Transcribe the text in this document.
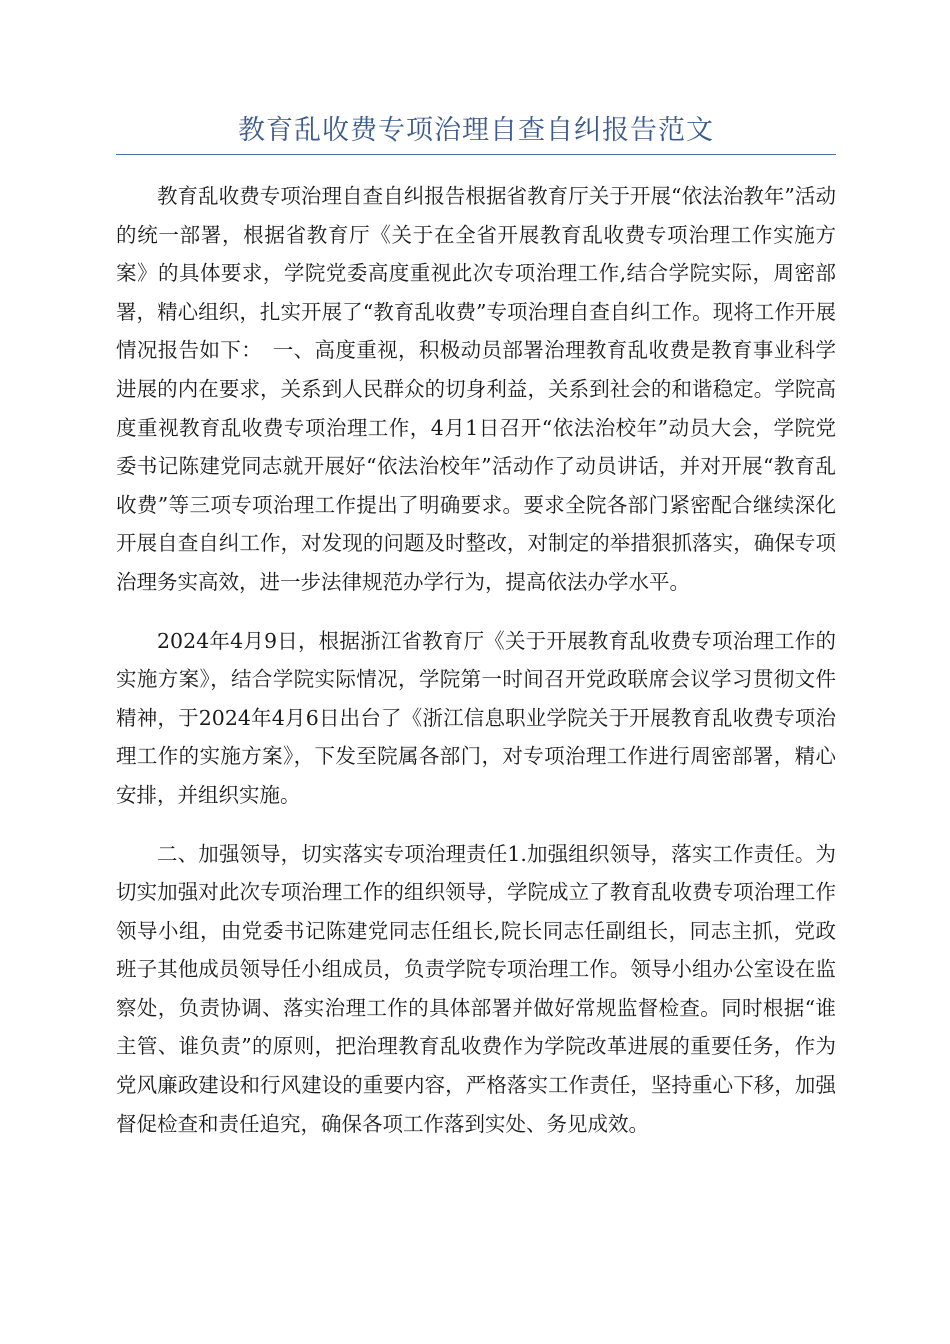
教育乱收费专项治理自查自纠报告范文

教育乱收费专项治理自查自纠报告根据省教育厅关于开展“依法治教年”活动的统一部署，根据省教育厅《关于在全省开展教育乱收费专项治理工作实施方案》的具体要求，学院党委高度重视此次专项治理工作,结合学院实际，周密部署，精心组织，扎实开展了“教育乱收费”专项治理自查自纠工作。现将工作开展情况报告如下：　一、高度重视，积极动员部署治理教育乱收费是教育事业科学进展的内在要求，关系到人民群众的切身利益，关系到社会的和谐稳定。学院高度重视教育乱收费专项治理工作，4月1日召开“依法治校年”动员大会，学院党委书记陈建党同志就开展好“依法治校年”活动作了动员讲话，并对开展“教育乱收费”等三项专项治理工作提出了明确要求。要求全院各部门紧密配合继续深化开展自查自纠工作，对发现的问题及时整改，对制定的举措狠抓落实，确保专项治理务实高效，进一步法律规范办学行为，提高依法办学水平。

2024年4月9日，根据浙江省教育厅《关于开展教育乱收费专项治理工作的实施方案》，结合学院实际情况，学院第一时间召开党政联席会议学习贯彻文件精神，于2024年4月6日出台了《浙江信息职业学院关于开展教育乱收费专项治理工作的实施方案》，下发至院属各部门，对专项治理工作进行周密部署，精心安排，并组织实施。

二、加强领导，切实落实专项治理责任1.加强组织领导，落实工作责任。为切实加强对此次专项治理工作的组织领导，学院成立了教育乱收费专项治理工作领导小组，由党委书记陈建党同志任组长,院长同志任副组长，同志主抓，党政班子其他成员领导任小组成员，负责学院专项治理工作。领导小组办公室设在监察处，负责协调、落实治理工作的具体部署并做好常规监督检查。同时根据“谁主管、谁负责”的原则，把治理教育乱收费作为学院改革进展的重要任务，作为党风廉政建设和行风建设的重要内容，严格落实工作责任，坚持重心下移，加强督促检查和责任追究，确保各项工作落到实处、务见成效。
